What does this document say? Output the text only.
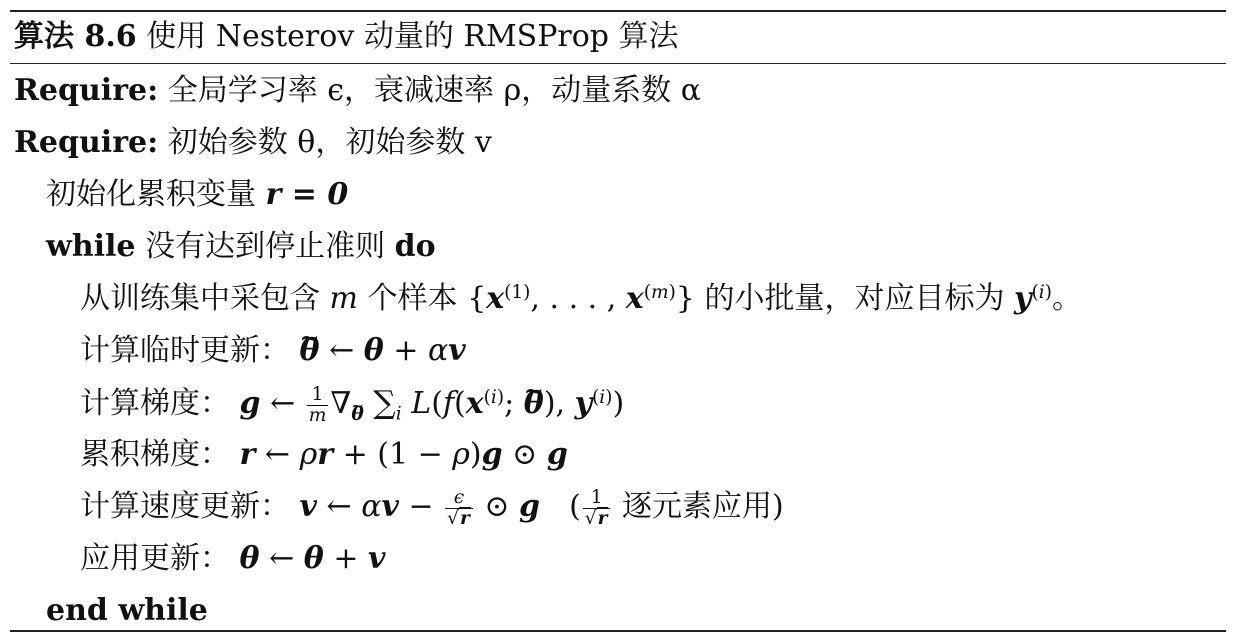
算法 8.6 使用 Nesterov 动量的 RMSProp 算法
Require: 全局学习率 ϵ，衰减速率 ρ，动量系数 α
Require: 初始参数 θ，初始参数 v
初始化累积变量 r = 0
while 没有达到停止准则 do
从训练集中采包含 m 个样本 {$x^{(1)}$, . . . , $x^{(m)}$} 的小批量，对应目标为 $y^{(i)}$。
计算临时更新： ~ θ ← θ + αv
计算梯度： g ← $\frac{1}{m} \nabla_\theta$ $\sum_i$ $L(f(x^{(i)}$; ~ θ), $y^{(i)}$)
累积梯度： r ← ρr + (1 − ρ)g ⊙ g
计算速度更新： v ← $\alpha v - \frac{\epsilon}{√r}$ ⊙ g ( $\frac{1}{√r}$ 逐元素应用)
应用更新： θ ← θ + v
end while
